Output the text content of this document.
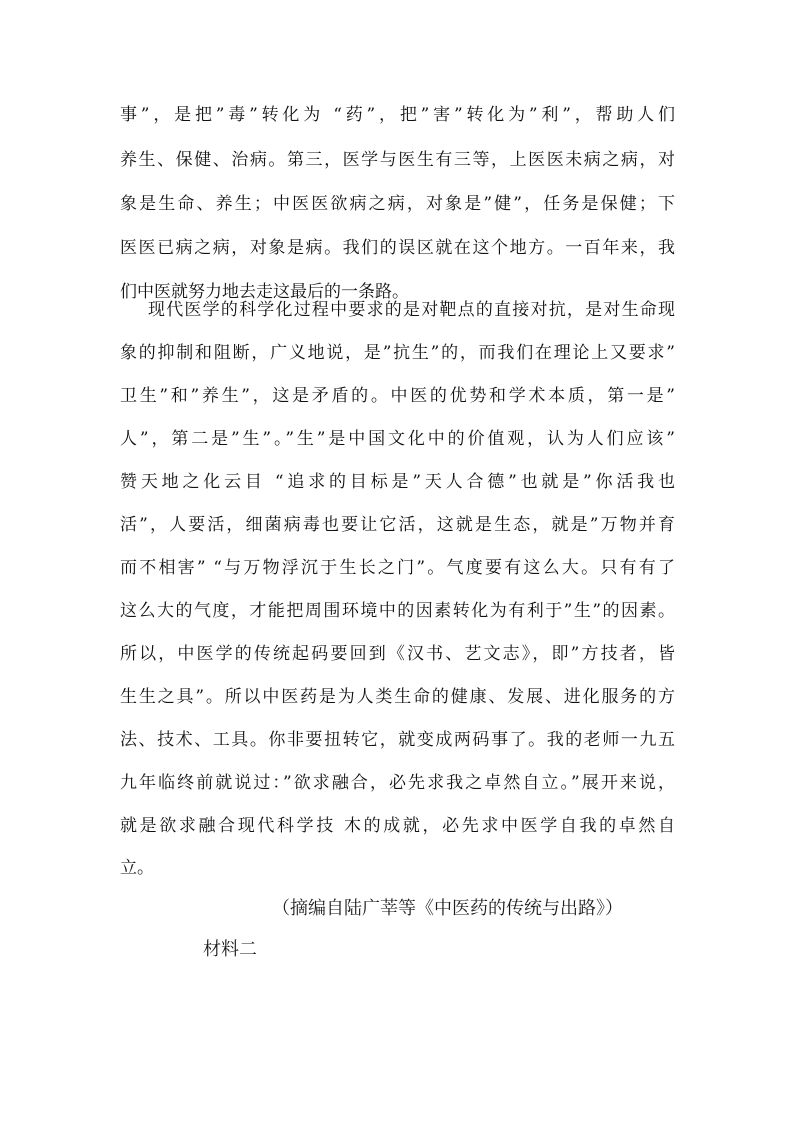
事”，是把”毒”转化为 “药”，把”害”转化为”利”，帮助人们
养生、保健、治病。第三，医学与医生有三等，上医医未病之病，对
象是生命、养生；中医医欲病之病，对象是”健”，任务是保健；下
医医已病之病，对象是病。我们的误区就在这个地方。一百年来，我
们中医就努力地去走这最后的一条路。
现代医学的科学化过程中要求的是对靶点的直接对抗，是对生命现
象的抑制和阻断，广义地说，是”抗生”的，而我们在理论上又要求”
卫生”和”养生”，这是矛盾的。中医的优势和学术本质，第一是”
人”，第二是”生”。”生”是中国文化中的价值观，认为人们应该”
赞天地之化云目 “追求的目标是”天人合德”也就是”你活我也
活”，人要活，细菌病毒也要让它活，这就是生态，就是”万物并育
而不相害” “与万物浮沉于生长之门”。气度要有这么大。只有有了
这么大的气度，才能把周围环境中的因素转化为有利于”生”的因素。
所以，中医学的传统起码要回到《汉书、艺文志》，即”方技者，皆
生生之具”。所以中医药是为人类生命的健康、发展、进化服务的方
法、技术、工具。你非要扭转它，就变成两码事了。我的老师一九五
九年临终前就说过：”欲求融合，必先求我之卓然自立。”展开来说，
就是欲求融合现代科学技 木的成就，必先求中医学自我的卓然自
立。
（摘编自陆广莘等《中医药的传统与出路》）
材料二
